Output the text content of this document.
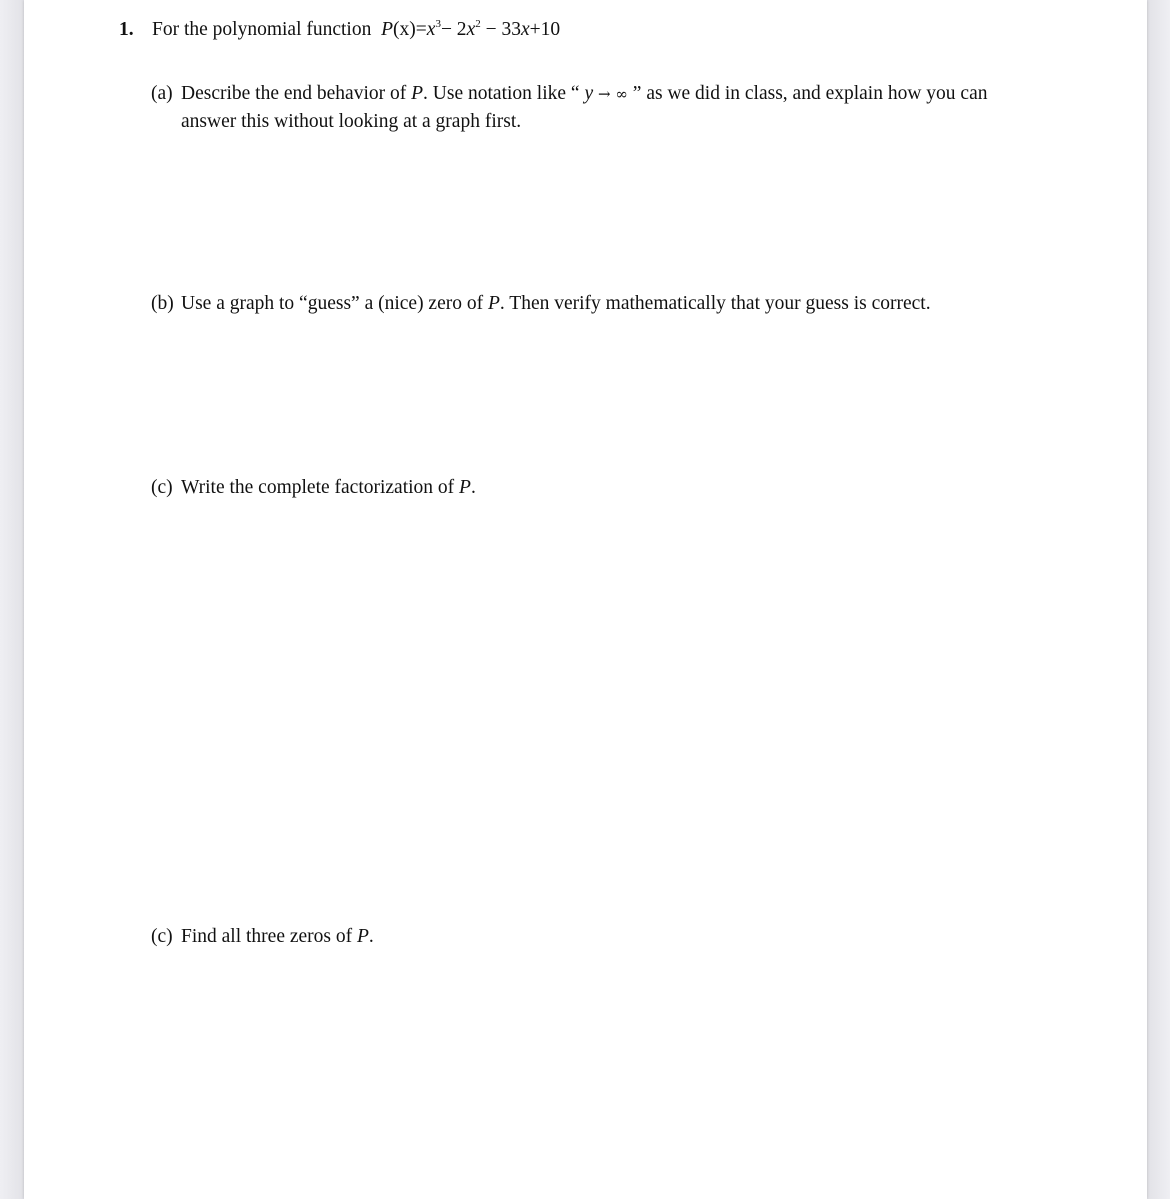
1. For the polynomial function $P(x)=x^3- 2x^2 - 33x+10$
(a) Describe the end behavior of P. Use notation like “ y → ∞ ” as we did in class, and explain how you can
answer this without looking at a graph first.
(b) Use a graph to “guess” a (nice) zero of P. Then verify mathematically that your guess is correct.
(c) Write the complete factorization of P.
(c) Find all three zeros of P.
